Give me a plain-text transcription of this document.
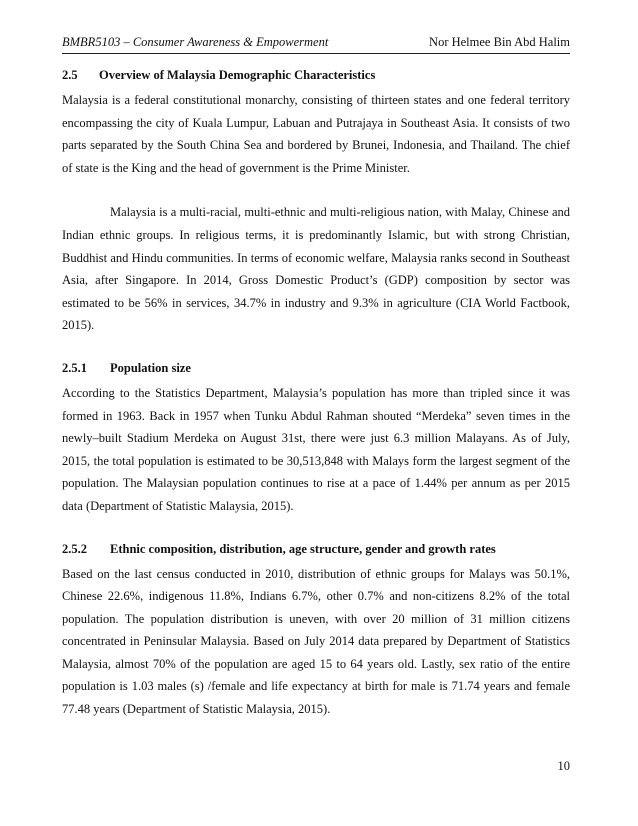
BMBR5103 – Consumer Awareness & Empowerment	Nor Helmee Bin Abd Halim

2.5 Overview of Malaysia Demographic Characteristics

Malaysia is a federal constitutional monarchy, consisting of thirteen states and one federal territory encompassing the city of Kuala Lumpur, Labuan and Putrajaya in Southeast Asia. It consists of two parts separated by the South China Sea and bordered by Brunei, Indonesia, and Thailand. The chief of state is the King and the head of government is the Prime Minister.

Malaysia is a multi-racial, multi-ethnic and multi-religious nation, with Malay, Chinese and Indian ethnic groups. In religious terms, it is predominantly Islamic, but with strong Christian, Buddhist and Hindu communities. In terms of economic welfare, Malaysia ranks second in Southeast Asia, after Singapore. In 2014, Gross Domestic Product’s (GDP) composition by sector was estimated to be 56% in services, 34.7% in industry and 9.3% in agriculture (CIA World Factbook, 2015).

2.5.1 Population size

According to the Statistics Department, Malaysia’s population has more than tripled since it was formed in 1963. Back in 1957 when Tunku Abdul Rahman shouted “Merdeka” seven times in the newly–built Stadium Merdeka on August 31st, there were just 6.3 million Malayans. As of July, 2015, the total population is estimated to be 30,513,848 with Malays form the largest segment of the population. The Malaysian population continues to rise at a pace of 1.44% per annum as per 2015 data (Department of Statistic Malaysia, 2015).

2.5.2 Ethnic composition, distribution, age structure, gender and growth rates

Based on the last census conducted in 2010, distribution of ethnic groups for Malays was 50.1%, Chinese 22.6%, indigenous 11.8%, Indians 6.7%, other 0.7% and non-citizens 8.2% of the total population. The population distribution is uneven, with over 20 million of 31 million citizens concentrated in Peninsular Malaysia. Based on July 2014 data prepared by Department of Statistics Malaysia, almost 70% of the population are aged 15 to 64 years old. Lastly, sex ratio of the entire population is 1.03 males (s) /female and life expectancy at birth for male is 71.74 years and female 77.48 years (Department of Statistic Malaysia, 2015).

10
